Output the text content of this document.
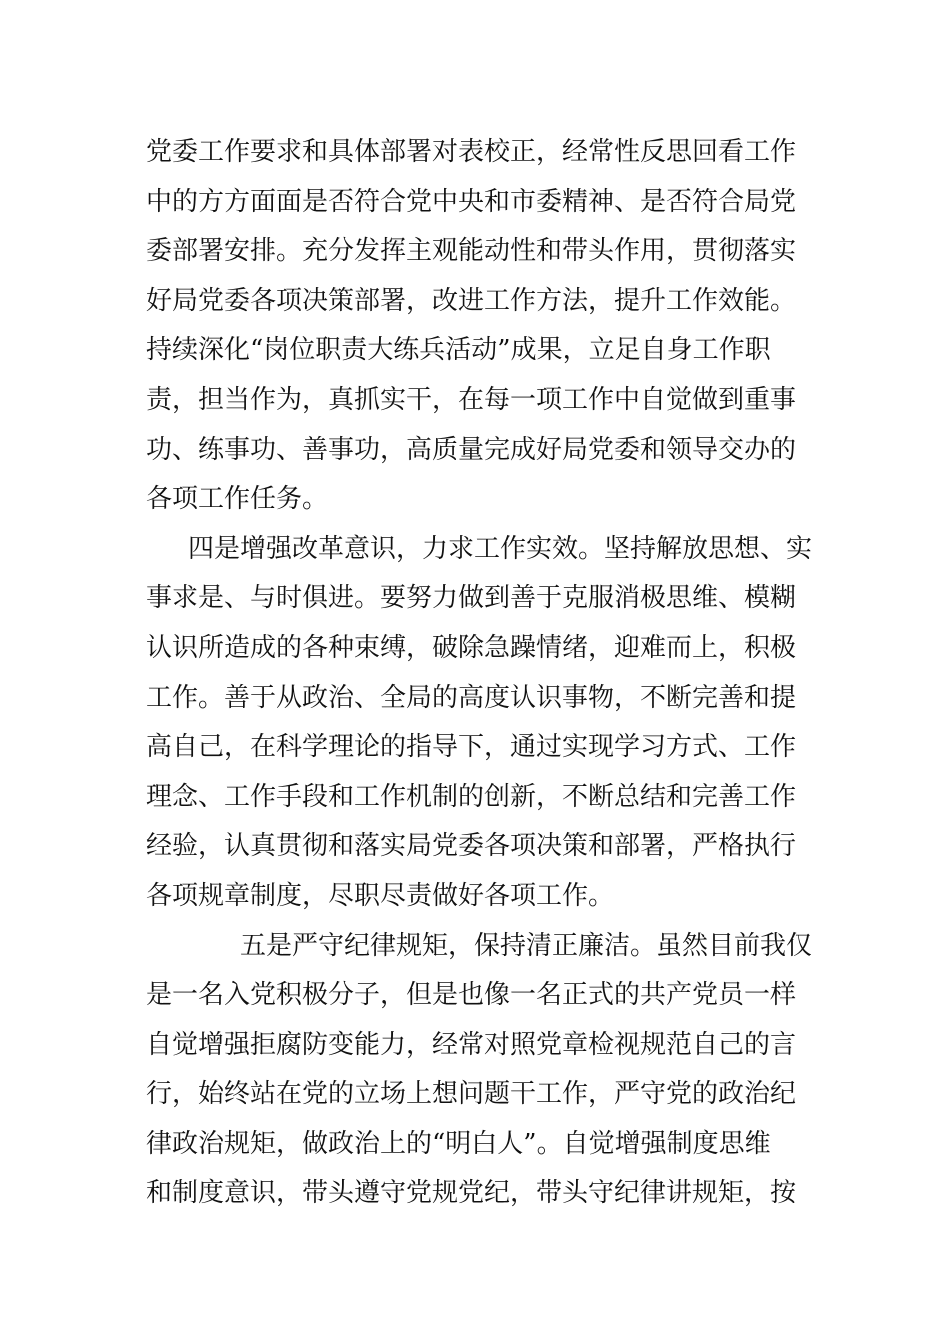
党委工作要求和具体部署对表校正，经常性反思回看工作
中的方方面面是否符合党中央和市委精神、是否符合局党
委部署安排。充分发挥主观能动性和带头作用，贯彻落实
好局党委各项决策部署，改进工作方法，提升工作效能。
持续深化“岗位职责大练兵活动”成果，立足自身工作职
责，担当作为，真抓实干，在每一项工作中自觉做到重事
功、练事功、善事功，高质量完成好局党委和领导交办的
各项工作任务。
四是增强改革意识，力求工作实效。坚持解放思想、实
事求是、与时俱进。要努力做到善于克服消极思维、模糊
认识所造成的各种束缚，破除急躁情绪，迎难而上，积极
工作。善于从政治、全局的高度认识事物，不断完善和提
高自己，在科学理论的指导下，通过实现学习方式、工作
理念、工作手段和工作机制的创新，不断总结和完善工作
经验，认真贯彻和落实局党委各项决策和部署，严格执行
各项规章制度，尽职尽责做好各项工作。
五是严守纪律规矩，保持清正廉洁。虽然目前我仅
是一名入党积极分子，但是也像一名正式的共产党员一样
自觉增强拒腐防变能力，经常对照党章检视规范自己的言
行，始终站在党的立场上想问题干工作，严守党的政治纪
律政治规矩，做政治上的“明白人”。自觉增强制度思维
和制度意识，带头遵守党规党纪，带头守纪律讲规矩，按
